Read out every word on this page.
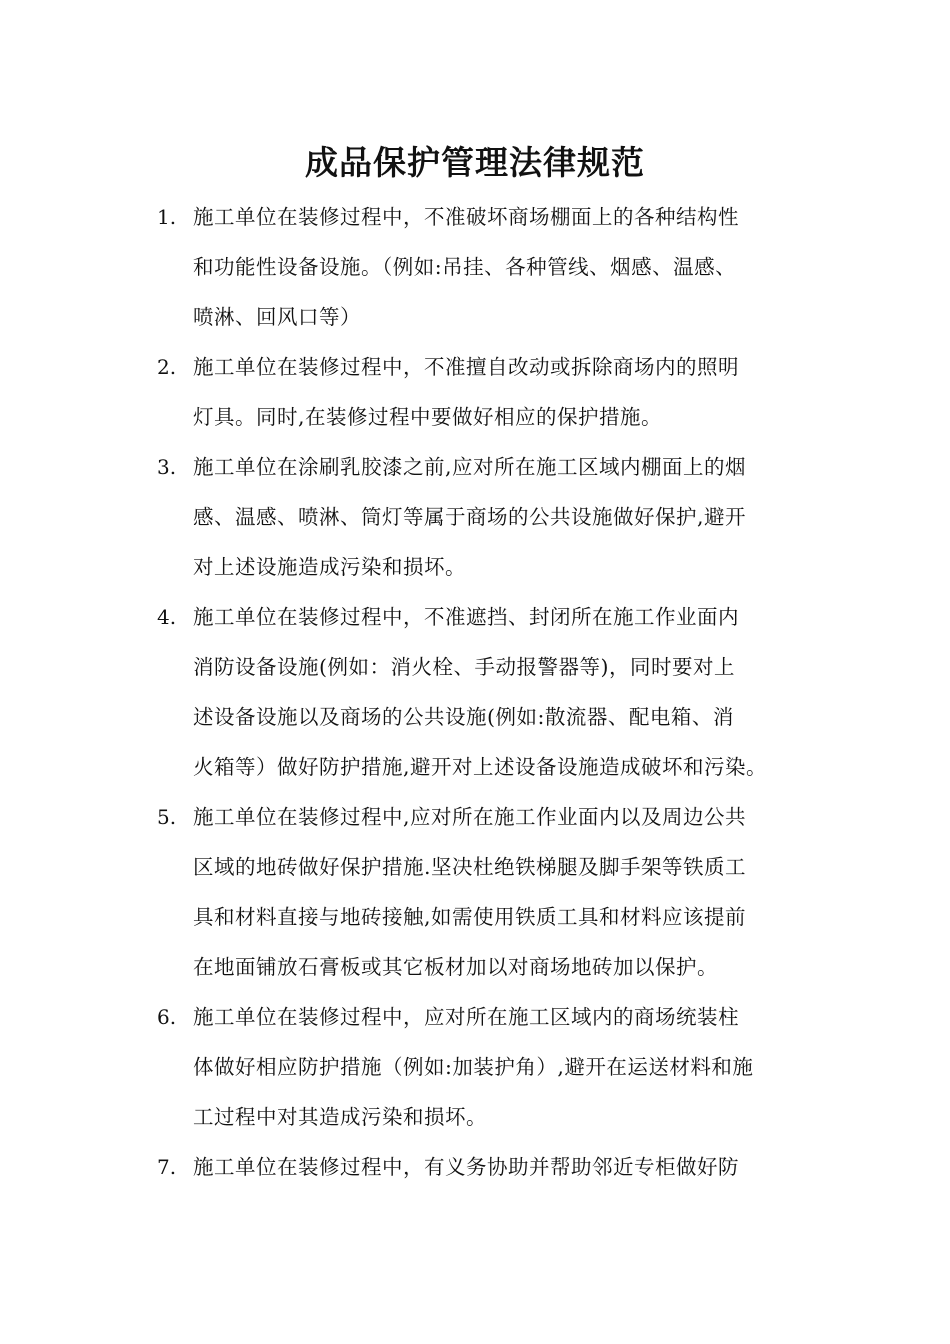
成品保护管理法律规范
1. 施工单位在装修过程中，不准破坏商场棚面上的各种结构性
和功能性设备设施。（例如:吊挂、各种管线、烟感、温感、
喷淋、回风口等）
2. 施工单位在装修过程中，不准擅自改动或拆除商场内的照明
灯具。同时,在装修过程中要做好相应的保护措施。
3. 施工单位在涂刷乳胶漆之前,应对所在施工区域内棚面上的烟
感、温感、喷淋、筒灯等属于商场的公共设施做好保护,避开
对上述设施造成污染和损坏。
4. 施工单位在装修过程中，不准遮挡、封闭所在施工作业面内
消防设备设施(例如：消火栓、手动报警器等)，同时要对上
述设备设施以及商场的公共设施(例如:散流器、配电箱、消
火箱等）做好防护措施,避开对上述设备设施造成破坏和污染。
5. 施工单位在装修过程中,应对所在施工作业面内以及周边公共
区域的地砖做好保护措施.坚决杜绝铁梯腿及脚手架等铁质工
具和材料直接与地砖接触,如需使用铁质工具和材料应该提前
在地面铺放石膏板或其它板材加以对商场地砖加以保护。
6. 施工单位在装修过程中，应对所在施工区域内的商场统装柱
体做好相应防护措施（例如:加装护角）,避开在运送材料和施
工过程中对其造成污染和损坏。
7. 施工单位在装修过程中，有义务协助并帮助邻近专柜做好防
